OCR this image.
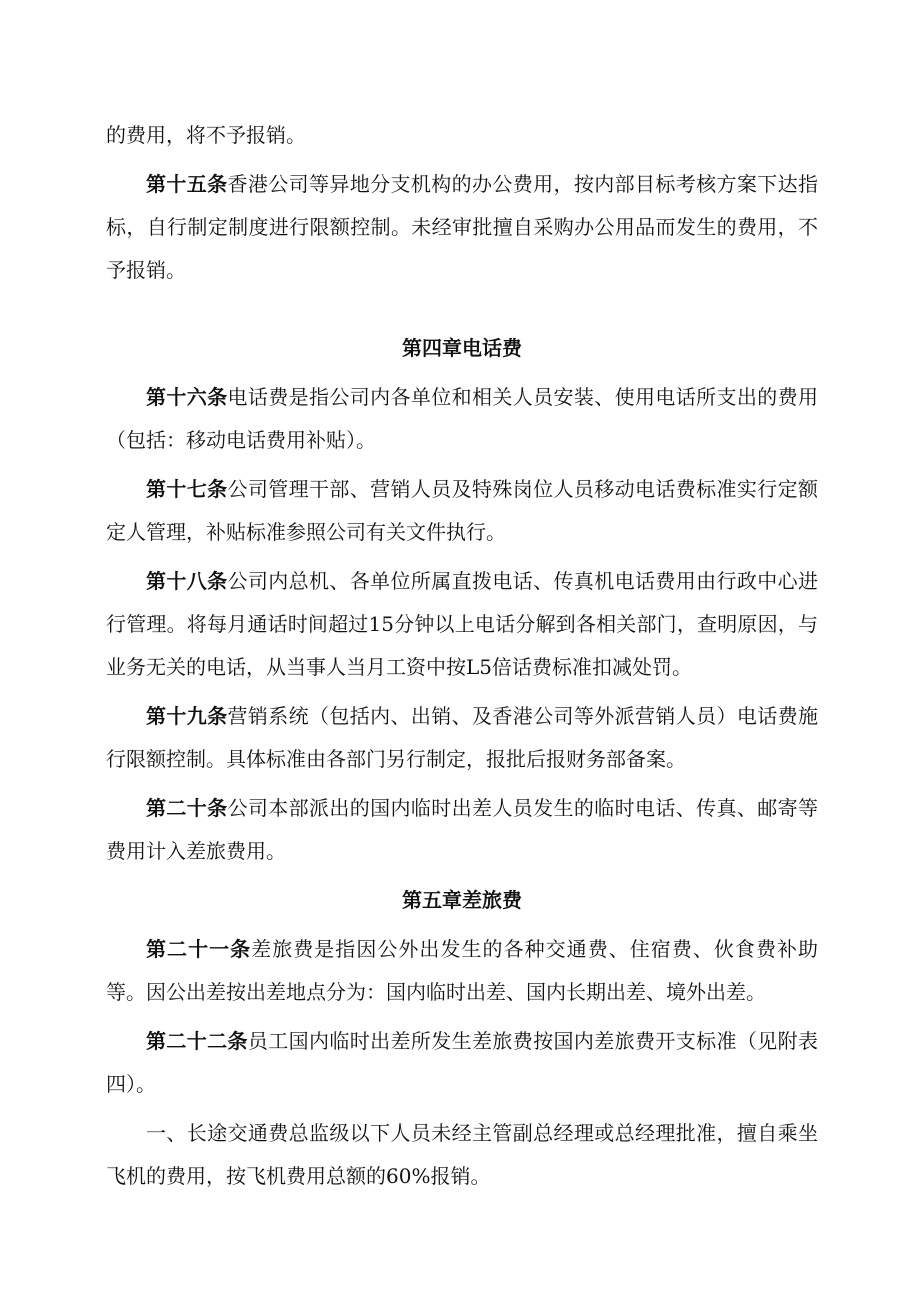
的费用，将不予报销。

第十五条香港公司等异地分支机构的办公费用，按内部目标考核方案下达指标，自行制定制度进行限额控制。未经审批擅自采购办公用品而发生的费用，不予报销。

第四章电话费

第十六条电话费是指公司内各单位和相关人员安装、使用电话所支出的费用（包括：移动电话费用补贴）。

第十七条公司管理干部、营销人员及特殊岗位人员移动电话费标准实行定额定人管理，补贴标准参照公司有关文件执行。

第十八条公司内总机、各单位所属直拨电话、传真机电话费用由行政中心进行管理。将每月通话时间超过15分钟以上电话分解到各相关部门，查明原因，与业务无关的电话，从当事人当月工资中按L5倍话费标准扣减处罚。

第十九条营销系统（包括内、出销、及香港公司等外派营销人员）电话费施行限额控制。具体标准由各部门另行制定，报批后报财务部备案。

第二十条公司本部派出的国内临时出差人员发生的临时电话、传真、邮寄等费用计入差旅费用。

第五章差旅费

第二十一条差旅费是指因公外出发生的各种交通费、住宿费、伙食费补助等。因公出差按出差地点分为：国内临时出差、国内长期出差、境外出差。

第二十二条员工国内临时出差所发生差旅费按国内差旅费开支标准（见附表四）。

一、长途交通费总监级以下人员未经主管副总经理或总经理批准，擅自乘坐飞机的费用，按飞机费用总额的60%报销。
